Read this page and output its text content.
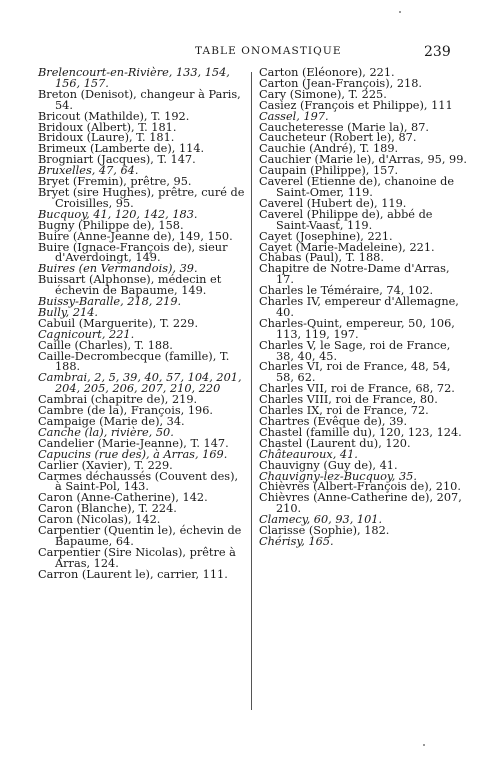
TABLE ONOMASTIQUE	239
Brelencourt-en-Rivière, 133, 154, 156, 157.
Breton (Denisot), changeur à Paris, 54.
Bricout (Mathilde), T. 192.
Bridoux (Albert), T. 181.
Bridoux (Laure), T. 181.
Brimeux (Lamberte de), 114.
Brogniart (Jacques), T. 147.
Bruxelles, 47, 64.
Bryet (Fremin), prêtre, 95.
Bryet (sire Hughes), prêtre, curé de Croisilles, 95.
Bucquoy, 41, 120, 142, 183.
Bugny (Philippe de), 158.
Buire (Anne-Jeanne de), 149, 150.
Buire (Ignace-François de), sieur d'Averdoingt, 149.
Buires (en Vermandois), 39.
Buissart (Alphonse), médecin et échevin de Bapaume, 149.
Buissy-Baralle, 218, 219.
Bully, 214.
Cabuil (Marguerite), T. 229.
Cagnicourt, 221.
Caille (Charles), T. 188.
Caille-Decrombecque (famille), T. 188.
Cambrai, 2, 5, 39, 40, 57, 104, 201, 204, 205, 206, 207, 210, 220
Cambrai (chapitre de), 219.
Cambre (de la), François, 196.
Campaige (Marie de), 34.
Canche (la), rivière, 50.
Candelier (Marie-Jeanne), T. 147.
Capucins (rue des), à Arras, 169.
Carlier (Xavier), T. 229.
Carmes déchaussés (Couvent des), à Saint-Pol, 143.
Caron (Anne-Catherine), 142.
Caron (Blanche), T. 224.
Caron (Nicolas), 142.
Carpentier (Quentin le), échevin de Bapaume, 64.
Carpentier (Sire Nicolas), prêtre à Arras, 124.
Carron (Laurent le), carrier, 111.
Carton (Eléonore), 221.
Carton (Jean-François), 218.
Cary (Simone), T. 225.
Casiez (François et Philippe), 111
Cassel, 197.
Caucheteresse (Marie la), 87.
Caucheteur (Robert le), 87.
Cauchie (André), T. 189.
Cauchier (Marie le), d'Arras, 95, 99.
Caupain (Philippe), 157.
Caverel (Etienne de), chanoine de Saint-Omer, 119.
Caverel (Hubert de), 119.
Caverel (Philippe de), abbé de Saint-Vaast, 119.
Cayet (Josephine), 221.
Cayet (Marie-Madeleine), 221.
Chabas (Paul), T. 188.
Chapitre de Notre-Dame d'Arras, 17.
Charles le Téméraire, 74, 102.
Charles IV, empereur d'Allemagne, 40.
Charles-Quint, empereur, 50, 106, 113, 119, 197.
Charles V, le Sage, roi de France, 38, 40, 45.
Charles VI, roi de France, 48, 54, 58, 62.
Charles VII, roi de France, 68, 72.
Charles VIII, roi de France, 80.
Charles IX, roi de France, 72.
Chartres (Evêque de), 39.
Chastel (famille du), 120, 123, 124.
Chastel (Laurent du), 120.
Châteauroux, 41.
Chauvigny (Guy de), 41.
Chauvigny-lez-Bucquoy, 35.
Chièvres (Albert-François de), 210.
Chièvres (Anne-Catherine de), 207, 210.
Clamecy, 60, 93, 101.
Clarisse (Sophie), 182.
Chérisy, 165.
